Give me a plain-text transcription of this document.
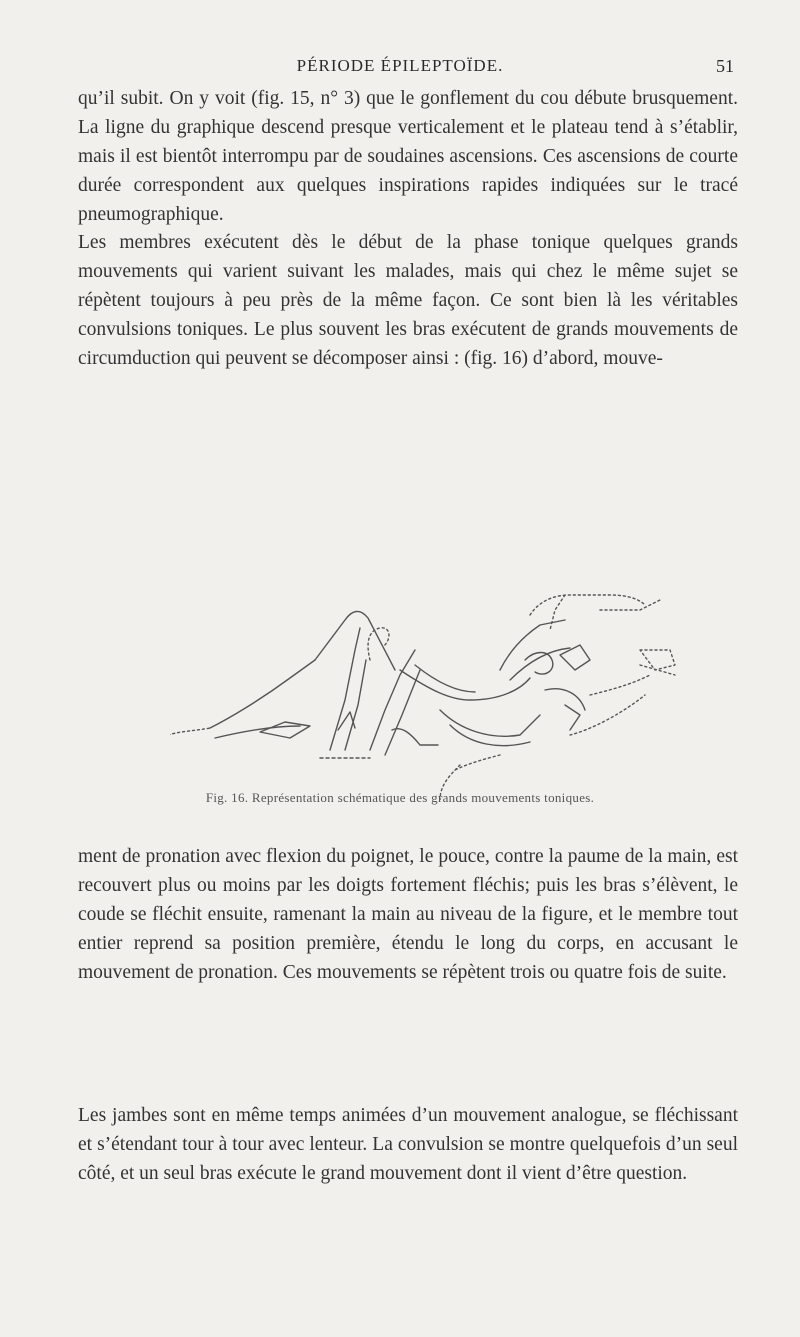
PÉRIODE ÉPILEPTOÏDE.	51

qu’il subit. On y voit (fig. 15, n° 3) que le gonflement du cou débute brusquement. La ligne du graphique descend presque verticalement et le plateau tend à s’établir, mais il est bientôt interrompu par de soudaines ascensions. Ces ascensions de courte durée correspondent aux quelques inspirations rapides indiquées sur le tracé pneumographique.

Les membres exécutent dès le début de la phase tonique quelques grands mouvements qui varient suivant les malades, mais qui chez le même sujet se répètent toujours à peu près de la même façon. Ce sont bien là les véritables convulsions toniques. Le plus souvent les bras exécutent de grands mouvements de circumduction qui peuvent se décomposer ainsi : (fig. 16) d’abord, mouve-

Fig. 16. Représentation schématique des grands mouvements toniques.

ment de pronation avec flexion du poignet, le pouce, contre la paume de la main, est recouvert plus ou moins par les doigts fortement fléchis; puis les bras s’élèvent, le coude se fléchit ensuite, ramenant la main au niveau de la figure, et le membre tout entier reprend sa position première, étendu le long du corps, en accusant le mouvement de pronation. Ces mouvements se répètent trois ou quatre fois de suite.

Les jambes sont en même temps animées d’un mouvement analogue, se fléchissant et s’étendant tour à tour avec lenteur. La convulsion se montre quelquefois d’un seul côté, et un seul bras exécute le grand mouvement dont il vient d’être question.
